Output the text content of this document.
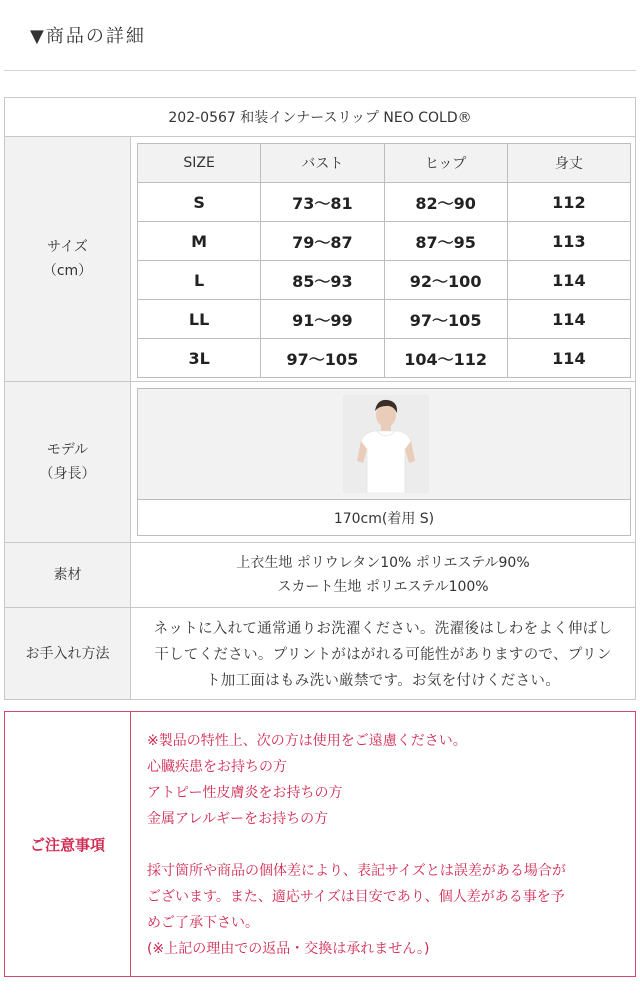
▼商品の詳細
202-0567 和装インナースリップ NEO COLD®
サイズ
（cm）
SIZE	バスト	ヒップ	身丈
S	73〜81	82〜90	112
M	79〜87	87〜95	113
L	85〜93	92〜100	114
LL	91〜99	97〜105	114
3L	97〜105	104〜112	114
モデル
（身長）
170cm(着用 S)
素材
上衣生地 ポリウレタン10% ポリエステル90%
スカート生地 ポリエステル100%
お手入れ方法
ネットに入れて通常通りお洗濯ください。洗濯後はしわをよく伸ばし
干してください。プリントがはがれる可能性がありますので、プリン
ト加工面はもみ洗い厳禁です。お気を付けください。
ご注意事項
※製品の特性上、次の方は使用をご遠慮ください。
心臓疾患をお持ちの方
アトピー性皮膚炎をお持ちの方
金属アレルギーをお持ちの方
採寸箇所や商品の個体差により、表記サイズとは誤差がある場合が
ございます。また、適応サイズは目安であり、個人差がある事を予
めご了承下さい。
(※上記の理由での返品・交換は承れません。)
